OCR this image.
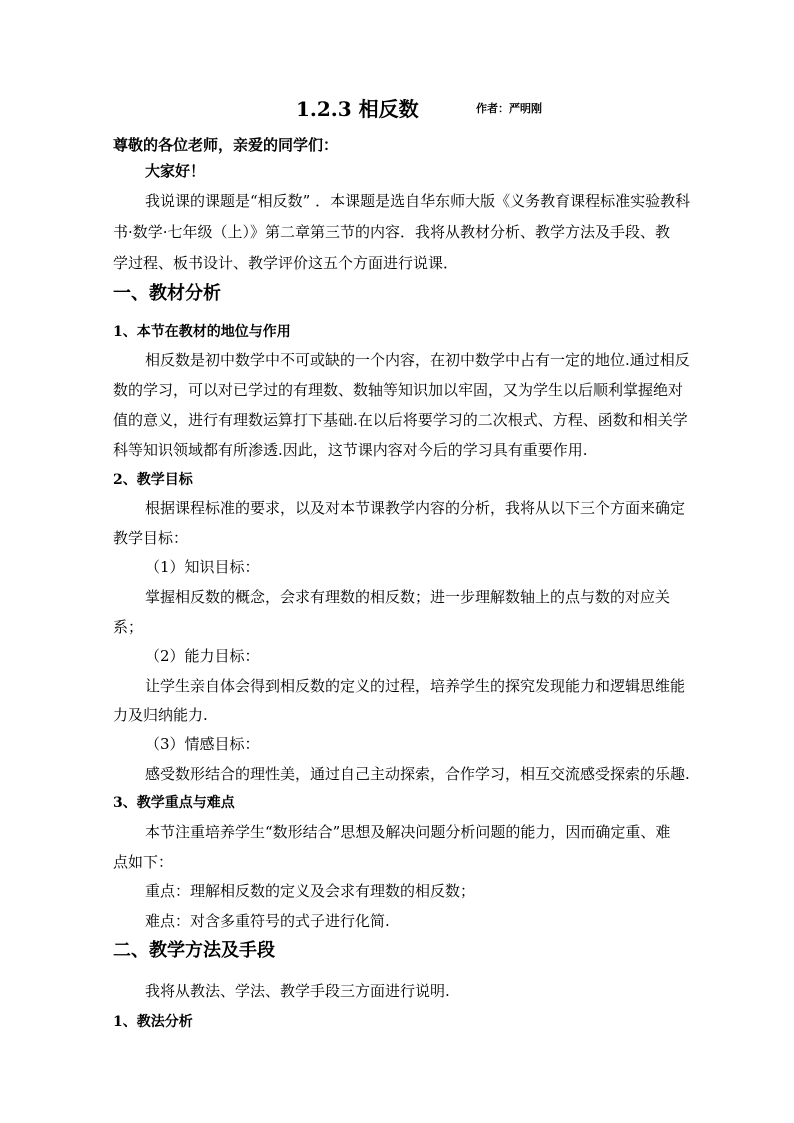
1.2.3 相反数	作者：严明刚
尊敬的各位老师，亲爱的同学们：
大家好！
我说课的课题是“相反数” ．本课题是选自华东师大版《义务教育课程标准实验教科
书·数学·七年级（上）》第二章第三节的内容．我将从教材分析、教学方法及手段、教
学过程、板书设计、教学评价这五个方面进行说课．
一、教材分析
1、本节在教材的地位与作用
相反数是初中数学中不可或缺的一个内容，在初中数学中占有一定的地位.通过相反
数的学习，可以对已学过的有理数、数轴等知识加以牢固，又为学生以后顺利掌握绝对
值的意义，进行有理数运算打下基础.在以后将要学习的二次根式、方程、函数和相关学
科等知识领域都有所渗透.因此，这节课内容对今后的学习具有重要作用.
2、教学目标
根据课程标准的要求，以及对本节课教学内容的分析，我将从以下三个方面来确定
教学目标：
（1）知识目标：
掌握相反数的概念，会求有理数的相反数；进一步理解数轴上的点与数的对应关
系；
（2）能力目标：
让学生亲自体会得到相反数的定义的过程，培养学生的探究发现能力和逻辑思维能
力及归纳能力.
（3）情感目标：
感受数形结合的理性美，通过自己主动探索，合作学习，相互交流感受探索的乐趣.
3、教学重点与难点
本节注重培养学生“数形结合”思想及解决问题分析问题的能力，因而确定重、难
点如下：
重点：理解相反数的定义及会求有理数的相反数；
难点：对含多重符号的式子进行化简.
二、教学方法及手段
我将从教法、学法、教学手段三方面进行说明.
1、教法分析
